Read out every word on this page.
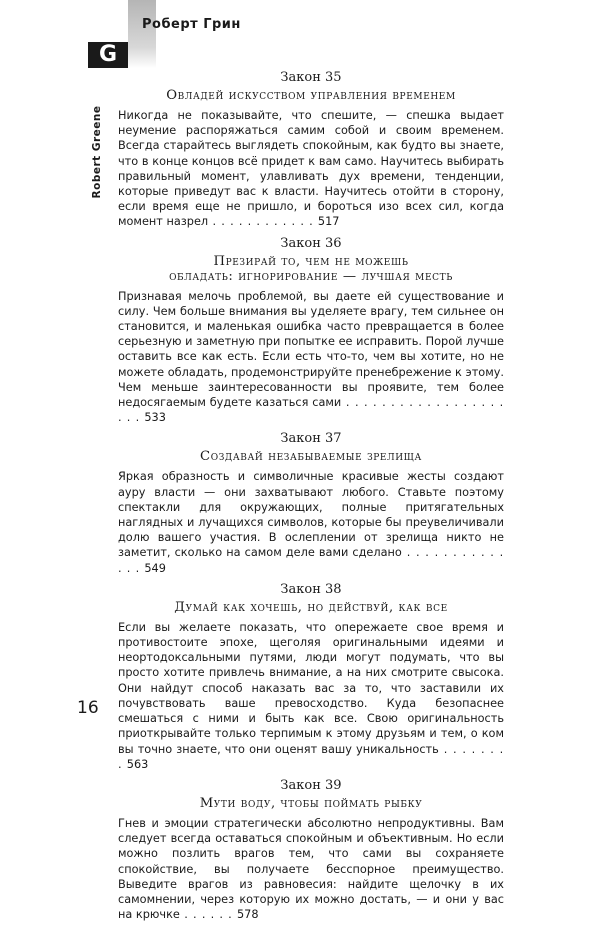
Роберт Грин
G
Robert Greene
Закон 35
Овладей искусством управления временем
Никогда не показывайте, что спешите, — спешка выдает неумение распоряжаться самим собой и своим временем. Всегда старайтесь выглядеть спокойным, как будто вы знаете, что в конце концов всё придет к вам само. Научитесь выбирать правильный момент, улавливать дух времени, тенденции, которые приведут вас к власти. Научитесь отойти в сторону, если время еще не пришло, и бороться изо всех сил, когда момент назрел . . . . . . . . . . . . 517
Закон 36
Презирай то, чем не можешь
обладать: игнорирование — лучшая месть
Признавая мелочь проблемой, вы даете ей существование и силу. Чем больше внимания вы уделяете врагу, тем сильнее он становится, и маленькая ошибка часто превращается в более серьезную и заметную при попытке ее исправить. Порой лучше оставить все как есть. Если есть что-то, чем вы хотите, но не можете обладать, продемонстрируйте пренебрежение к этому. Чем меньше заинтересованности вы проявите, тем более недосягаемым будете казаться сами . . . . . . . . . . . . . . . . . . . . . 533
Закон 37
Создавай незабываемые зрелища
Яркая образность и символичные красивые жесты создают ауру власти — они захватывают любого. Ставьте поэтому спектакли для окружающих, полные притягательных наглядных и лучащихся символов, которые бы преувеличивали долю вашего участия. В ослеплении от зрелища никто не заметит, сколько на самом деле вами сделано . . . . . . . . . . . . . . 549
Закон 38
Думай как хочешь, но действуй, как все
Если вы желаете показать, что опережаете свое время и противостоите эпохе, щеголяя оригинальными идеями и неортодоксальными путями, люди могут подумать, что вы просто хотите привлечь внимание, а на них смотрите свысока. Они найдут способ наказать вас за то, что заставили их почувствовать ваше превосходство. Куда безопаснее смешаться с ними и быть как все. Свою оригинальность приоткрывайте только терпимым к этому друзьям и тем, о ком вы точно знаете, что они оценят вашу уникальность . . . . . . . . 563
Закон 39
Мути воду, чтобы поймать рыбку
Гнев и эмоции стратегически абсолютно непродуктивны. Вам следует всегда оставаться спокойным и объективным. Но если можно позлить врагов тем, что сами вы сохраняете спокойствие, вы получаете бесспорное преимущество. Выведите врагов из равновесия: найдите щелочку в их самомнении, через которую их можно достать, — и они у вас на крючке . . . . . . 578
16
